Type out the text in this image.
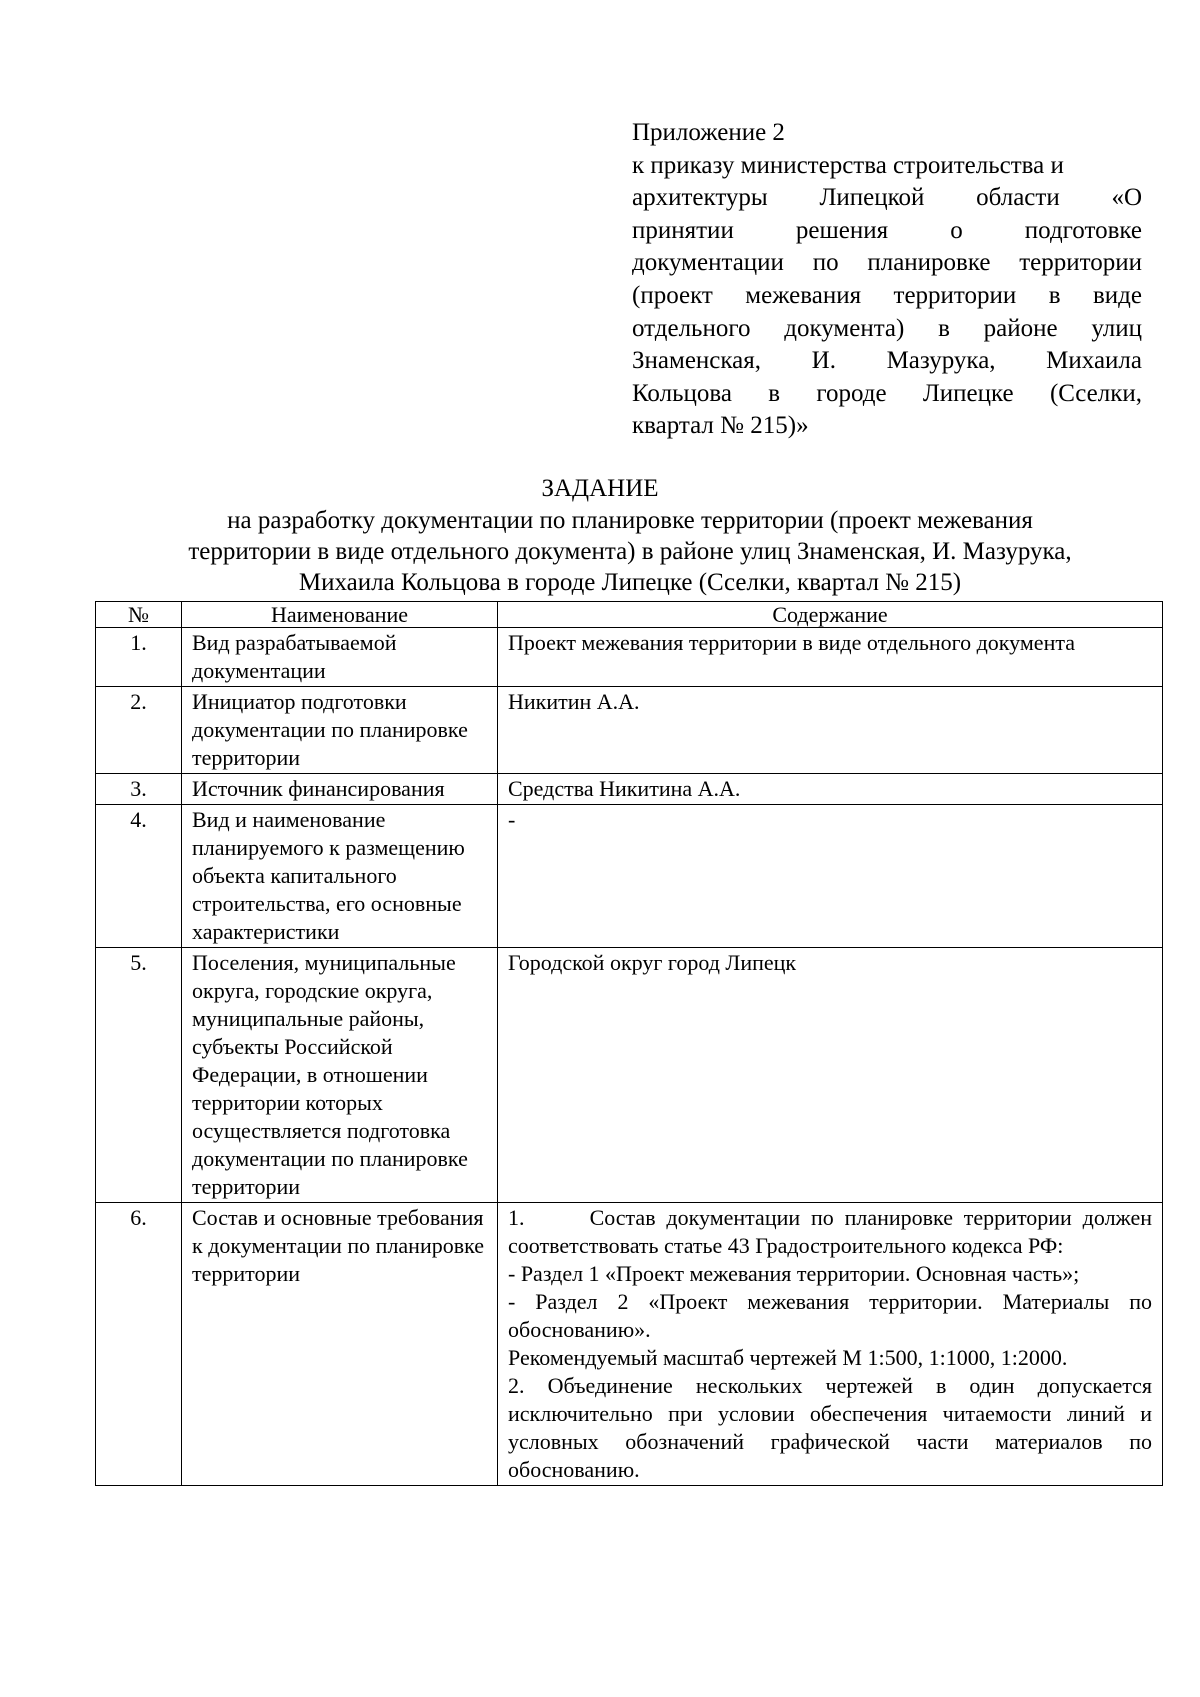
Приложение 2
к приказу министерства строительства и
архитектуры Липецкой области «О
принятии решения о подготовке
документации по планировке территории
(проект межевания территории в виде
отдельного документа) в районе улиц
Знаменская, И. Мазурука, Михаила
Кольцова в городе Липецке (Сселки,
квартал № 215)»
ЗАДАНИЕ
на разработку документации по планировке территории (проект межевания
территории в виде отдельного документа) в районе улиц Знаменская, И. Мазурука,
Михаила Кольцова в городе Липецке (Сселки, квартал № 215)
№	Наименование	Содержание
1.	Вид разрабатываемой документации	Проект межевания территории в виде отдельного документа

2.	Инициатор подготовки документации по планировке территории	Никитин А.А.

3.	Источник финансирования	Средства Никитина А.А.

4.	Вид и наименование планируемого к размещению объекта капитального строительства, его основные характеристики	-

5.	Поселения, муниципальные округа, городские округа, муниципальные районы, субъекты Российской Федерации, в отношении территории которых осуществляется подготовка документации по планировке территории	Городской округ город Липецк

6.	Состав и основные требования к документации по планировке территории	1.      Состав документации по планировке территории должен соответствовать статье 43 Градостроительного кодекса РФ:
- Раздел 1 «Проект межевания территории. Основная часть»;
- Раздел 2 «Проект межевания территории. Материалы по обоснованию».
Рекомендуемый масштаб чертежей М 1:500, 1:1000, 1:2000.
2. Объединение нескольких чертежей в один допускается исключительно при условии обеспечения читаемости линий и условных обозначений графической части материалов по обоснованию.
